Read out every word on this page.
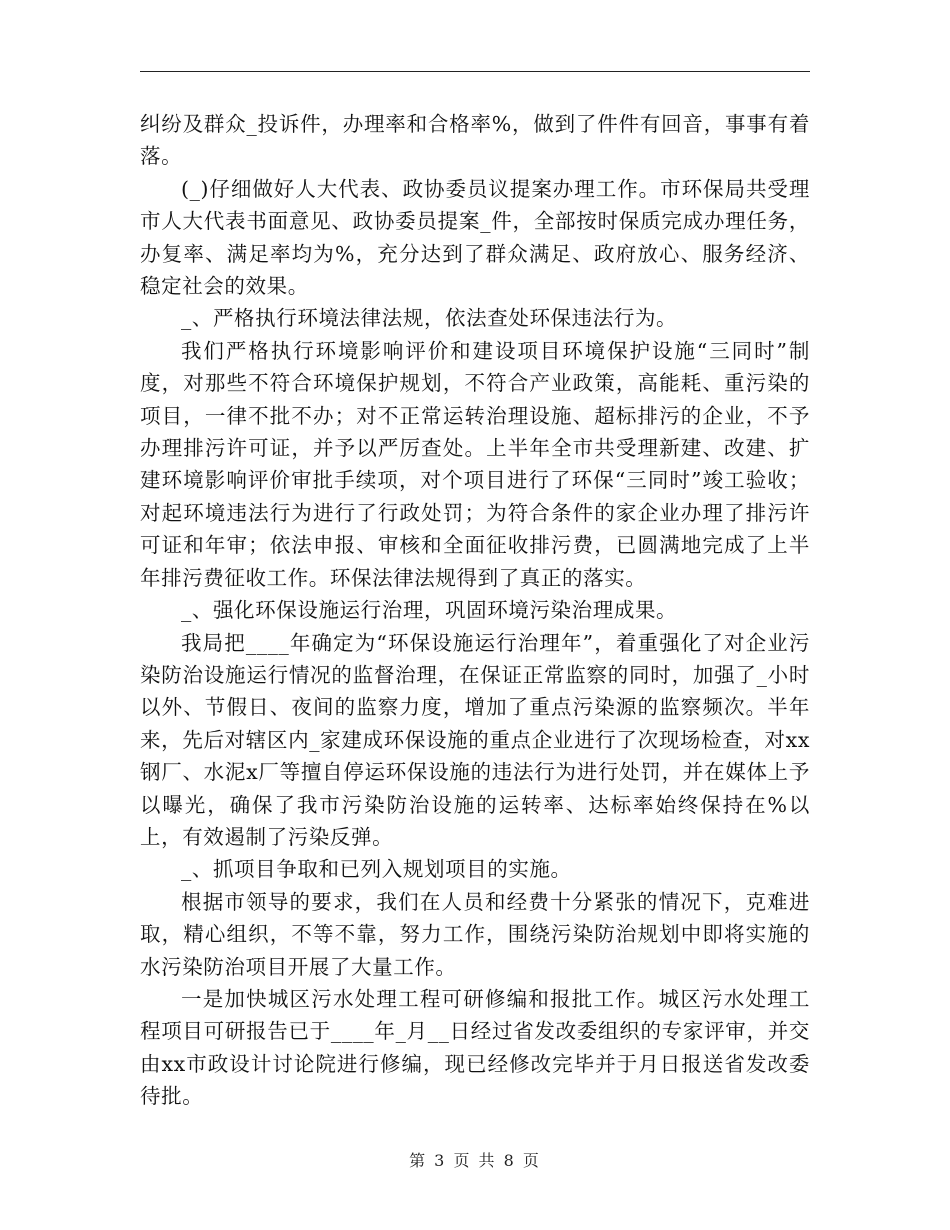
纠纷及群众_投诉件，办理率和合格率%，做到了件件有回音，事事有着落。

(_)仔细做好人大代表、政协委员议提案办理工作。市环保局共受理市人大代表书面意见、政协委员提案_件，全部按时保质完成办理任务，办复率、满足率均为%，充分达到了群众满足、政府放心、服务经济、稳定社会的效果。

_、严格执行环境法律法规，依法查处环保违法行为。

我们严格执行环境影响评价和建设项目环境保护设施“三同时”制度，对那些不符合环境保护规划，不符合产业政策，高能耗、重污染的项目，一律不批不办；对不正常运转治理设施、超标排污的企业，不予办理排污许可证，并予以严厉查处。上半年全市共受理新建、改建、扩建环境影响评价审批手续项，对个项目进行了环保“三同时”竣工验收；对起环境违法行为进行了行政处罚；为符合条件的家企业办理了排污许可证和年审；依法申报、审核和全面征收排污费，已圆满地完成了上半年排污费征收工作。环保法律法规得到了真正的落实。

_、强化环保设施运行治理，巩固环境污染治理成果。

我局把____年确定为“环保设施运行治理年”，着重强化了对企业污染防治设施运行情况的监督治理，在保证正常监察的同时，加强了_小时以外、节假日、夜间的监察力度，增加了重点污染源的监察频次。半年来，先后对辖区内_家建成环保设施的重点企业进行了次现场检查，对xx钢厂、水泥x厂等擅自停运环保设施的违法行为进行处罚，并在媒体上予以曝光，确保了我市污染防治设施的运转率、达标率始终保持在%以上，有效遏制了污染反弹。

_、抓项目争取和已列入规划项目的实施。

根据市领导的要求，我们在人员和经费十分紧张的情况下，克难进取，精心组织，不等不靠，努力工作，围绕污染防治规划中即将实施的水污染防治项目开展了大量工作。

一是加快城区污水处理工程可研修编和报批工作。城区污水处理工程项目可研报告已于____年_月__日经过省发改委组织的专家评审，并交由xx市政设计讨论院进行修编，现已经修改完毕并于月日报送省发改委待批。

第 3 页 共 8 页
